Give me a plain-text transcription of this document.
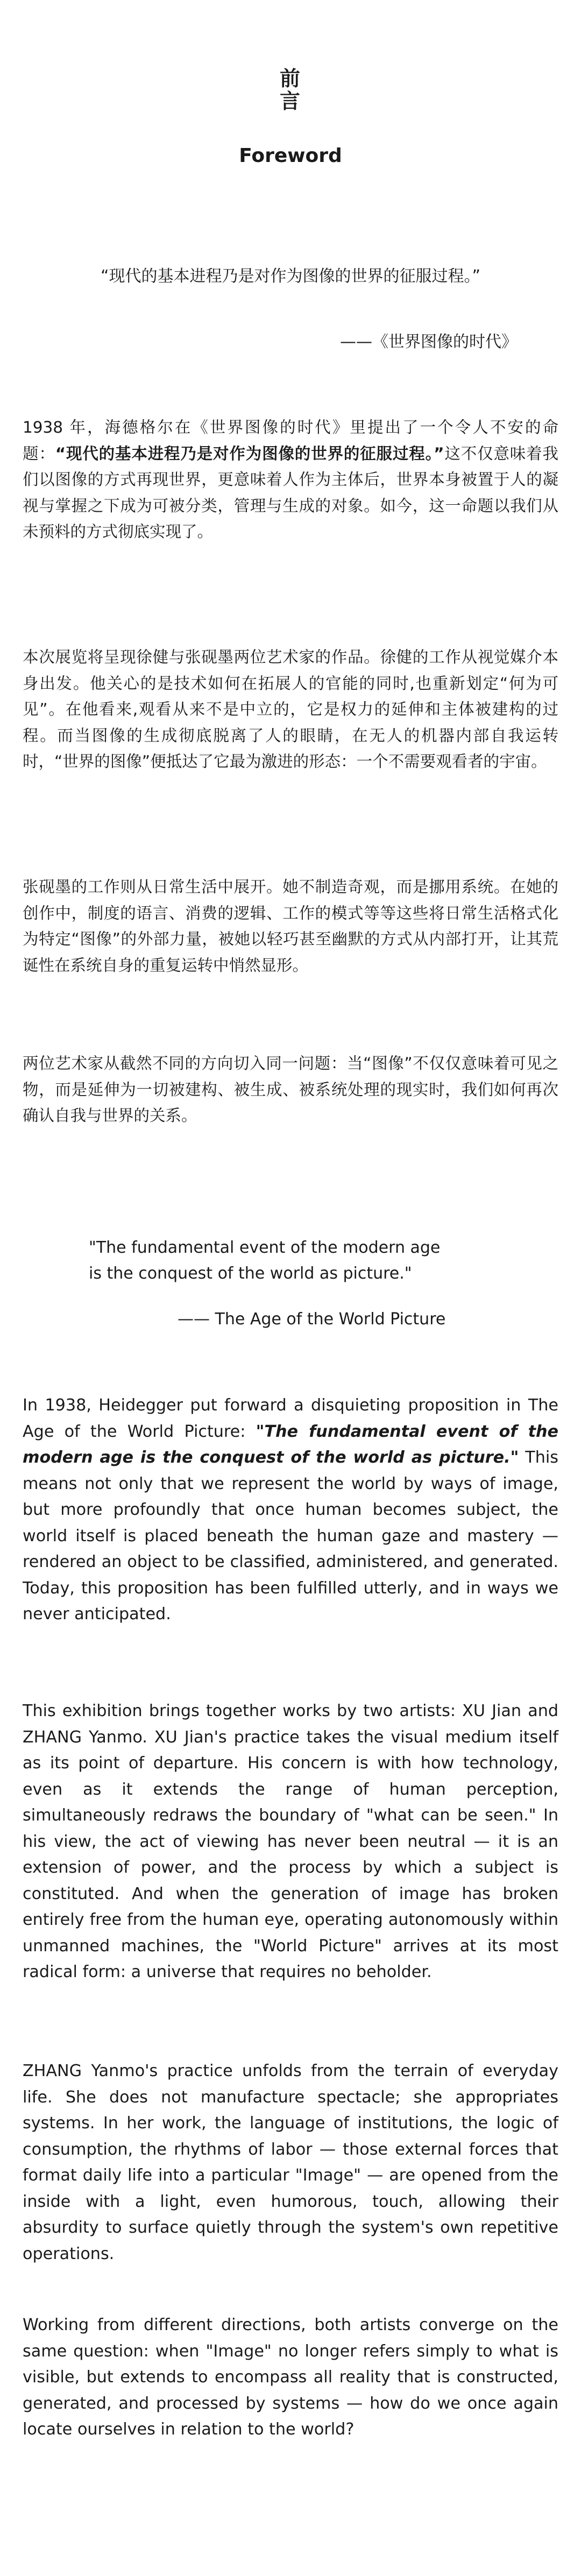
前
言
Foreword
“现代的基本进程乃是对作为图像的世界的征服过程。”
——《世界图像的时代》

1938 年，海德格尔在《世界图像的时代》里提出了一个令人不安的命题：“现代的基本进程乃是对作为图像的世界的征服过程。”这不仅意味着我们以图像的方式再现世界，更意味着人作为主体后，世界本身被置于人的凝视与掌握之下成为可被分类，管理与生成的对象。如今，这一命题以我们从未预料的方式彻底实现了。

本次展览将呈现徐健与张砚墨两位艺术家的作品。徐健的工作从视觉媒介本身出发。他关心的是技术如何在拓展人的官能的同时,也重新划定“何为可见”。在他看来,观看从来不是中立的，它是权力的延伸和主体被建构的过程。而当图像的生成彻底脱离了人的眼睛，在无人的机器内部自我运转时，“世界的图像”便抵达了它最为激进的形态：一个不需要观看者的宇宙。

张砚墨的工作则从日常生活中展开。她不制造奇观，而是挪用系统。在她的创作中，制度的语言、消费的逻辑、工作的模式等等这些将日常生活格式化为特定“图像”的外部力量，被她以轻巧甚至幽默的方式从内部打开，让其荒诞性在系统自身的重复运转中悄然显形。

两位艺术家从截然不同的方向切入同一问题：当“图像”不仅仅意味着可见之物，而是延伸为一切被建构、被生成、被系统处理的现实时，我们如何再次确认自我与世界的关系。

"The fundamental event of the modern age
is the conquest of the world as picture."
—— The Age of the World Picture

In 1938, Heidegger put forward a disquieting proposition in The Age of the World Picture: "The fundamental event of the modern age is the conquest of the world as picture." This means not only that we represent the world by ways of image, but more profoundly that once human becomes subject, the world itself is placed beneath the human gaze and mastery — rendered an object to be classified, administered, and generated. Today, this proposition has been fulfilled utterly, and in ways we never anticipated.

This exhibition brings together works by two artists: XU Jian and ZHANG Yanmo. XU Jian's practice takes the visual medium itself as its point of departure. His concern is with how technology, even as it extends the range of human perception, simultaneously redraws the boundary of "what can be seen." In his view, the act of viewing has never been neutral — it is an extension of power, and the process by which a subject is constituted. And when the generation of image has broken entirely free from the human eye, operating autonomously within unmanned machines, the "World Picture" arrives at its most radical form: a universe that requires no beholder.

ZHANG Yanmo's practice unfolds from the terrain of everyday life. She does not manufacture spectacle; she appropriates systems. In her work, the language of institutions, the logic of consumption, the rhythms of labor — those external forces that format daily life into a particular "Image" — are opened from the inside with a light, even humorous, touch, allowing their absurdity to surface quietly through the system's own repetitive operations.

Working from different directions, both artists converge on the same question: when "Image" no longer refers simply to what is visible, but extends to encompass all reality that is constructed, generated, and processed by systems — how do we once again locate ourselves in relation to the world?
